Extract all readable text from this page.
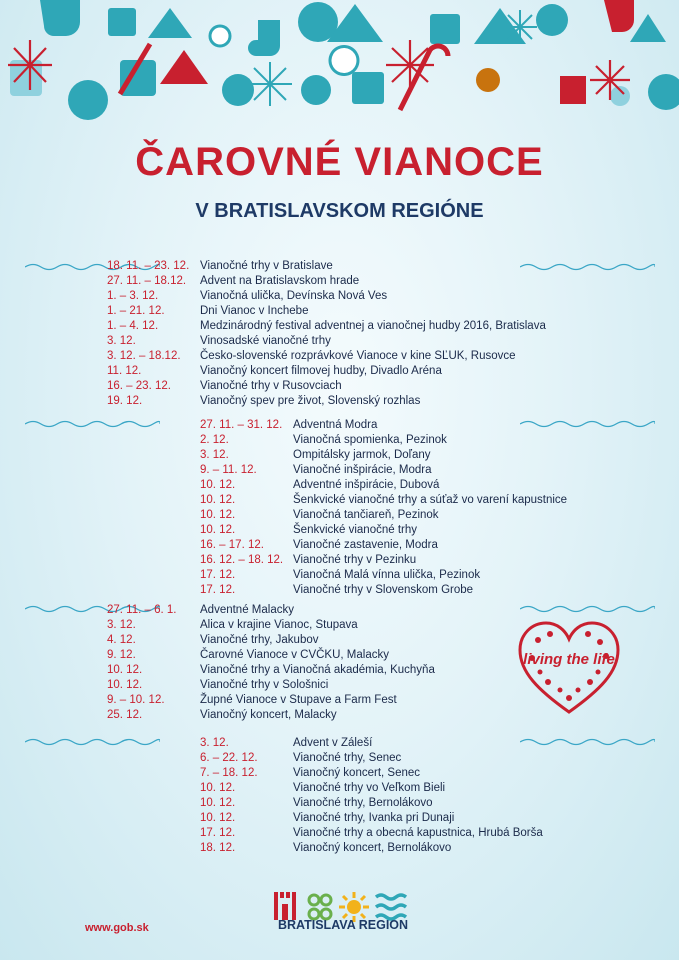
ČAROVNÉ VIANOCE
V BRATISLAVSKOM REGIÓNE
18. 11. – 23. 12. Vianočné trhy v Bratislave
27. 11. – 18.12. Advent na Bratislavskom hrade
1. – 3. 12.	Vianočná ulička, Devínska Nová Ves
1. – 21. 12.	Dni Vianoc v Inchebe
1. – 4. 12.	Medzinárodný festival adventnej a vianočnej hudby 2016, Bratislava
3. 12.	Vinosadské vianočné trhy
3. 12. – 18.12. Česko-slovenské rozprávkové Vianoce v kine SĽUK, Rusovce
11. 12.	Vianočný koncert filmovej hudby, Divadlo Aréna
16. – 23. 12.	Vianočné trhy v Rusovciach
19. 12.	Vianočný spev pre život, Slovenský rozhlas
27. 11. – 31. 12. Adventná Modra
2. 12.	Vianočná spomienka, Pezinok
3. 12.	Ompitálsky jarmok, Doľany
9. – 11. 12.	Vianočné inšpirácie, Modra
10. 12.	Adventné inšpirácie, Dubová
10. 12.	Šenkvické vianočné trhy a súťaž vo varení kapustnice
10. 12.	Vianočná tančiareň, Pezinok
10. 12.	Šenkvické vianočné trhy
16. – 17. 12.	Vianočné zastavenie, Modra
16. 12. – 18. 12. Vianočné trhy v Pezinku
17. 12.	Vianočná Malá vínna ulička, Pezinok
17. 12.	Vianočné trhy v Slovenskom Grobe
27. 11. – 6. 1. Adventné Malacky
3. 12.	Alica v krajine Vianoc, Stupava
4. 12.	Vianočné trhy, Jakubov
9. 12.	Čarovné Vianoce v CVČKU, Malacky
10. 12.	Vianočné trhy a Vianočná akadémia, Kuchyňa
10. 12.	Vianočné trhy v Sološnici
9. – 10. 12.	Župné Vianoce v Stupave a Farm Fest
25. 12.	Vianočný koncert, Malacky
3. 12.	Advent v Záleší
6. – 22. 12.	Vianočné trhy, Senec
7. – 18. 12.	Vianočný koncert, Senec
10. 12.	Vianočné trhy vo Veľkom Bieli
10. 12.	Vianočné trhy, Bernolákovo
10. 12.	Vianočné trhy, Ivanka pri Dunaji
17. 12.	Vianočné trhy a obecná kapustnica, Hrubá Borša
18. 12.	Vianočný koncert, Bernolákovo
living the life
BRATISLAVA REGION
www.gob.sk
